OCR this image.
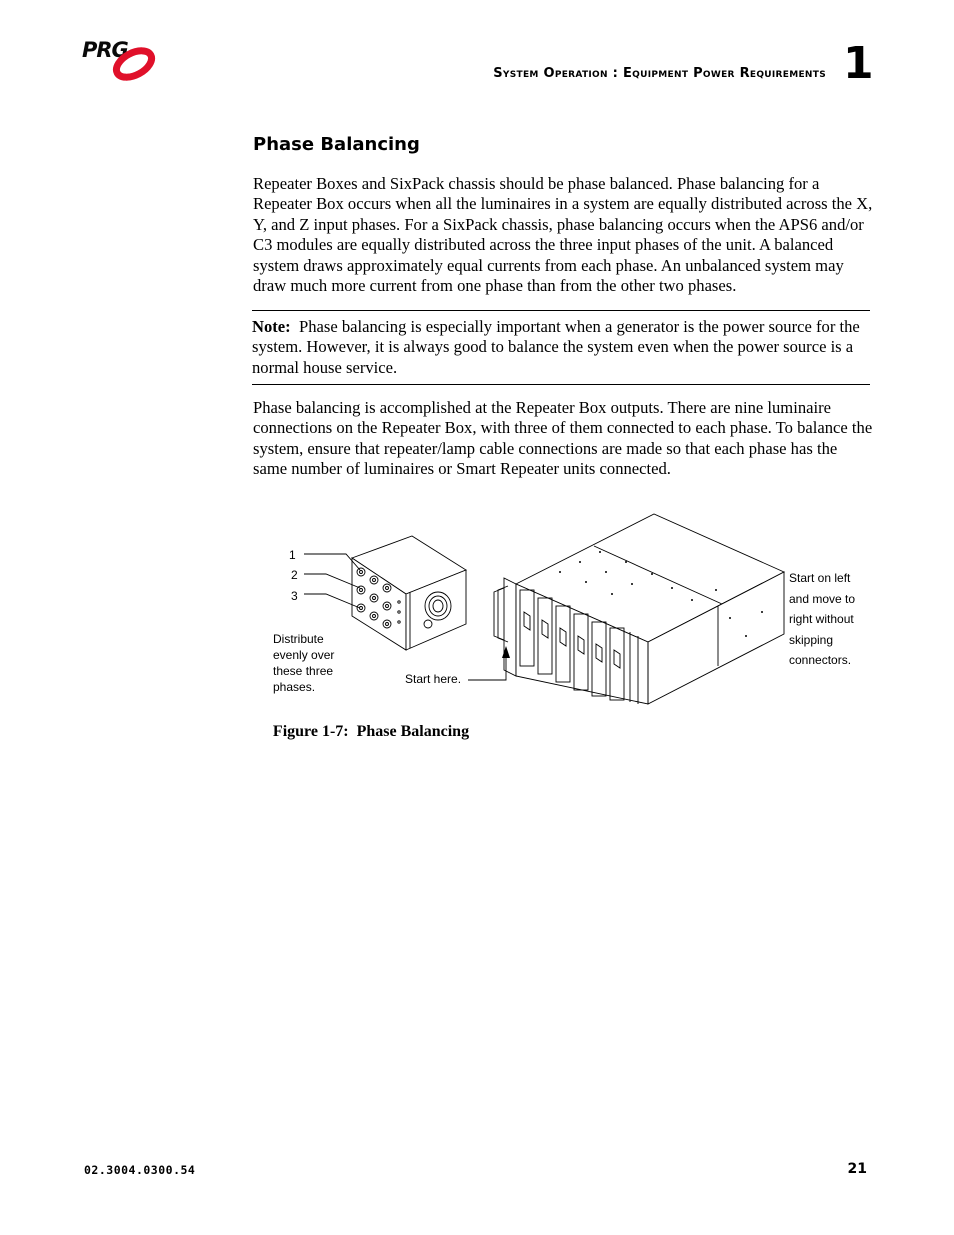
PRG
System Operation : Equipment Power Requirements 1
Phase Balancing

Repeater Boxes and SixPack chassis should be phase balanced. Phase balancing for a Repeater Box occurs when all the luminaires in a system are equally distributed across the X, Y, and Z input phases. For a SixPack chassis, phase balancing occurs when the APS6 and/or C3 modules are equally distributed across the three input phases of the unit. A balanced system draws approximately equal currents from each phase. An unbalanced system may draw much more current from one phase than from the other two phases.

Note: Phase balancing is especially important when a generator is the power source for the system. However, it is always good to balance the system even when the power source is a normal house service.

Phase balancing is accomplished at the Repeater Box outputs. There are nine luminaire connections on the Repeater Box, with three of them connected to each phase. To balance the system, ensure that repeater/lamp cable connections are made so that each phase has the same number of luminaires or Smart Repeater units connected.

1
2
3
Distribute
evenly over
these three
phases.
Start here.
Start on left
and move to
right without
skipping
connectors.
Figure 1-7:  Phase Balancing
02.3004.0300.54	21
